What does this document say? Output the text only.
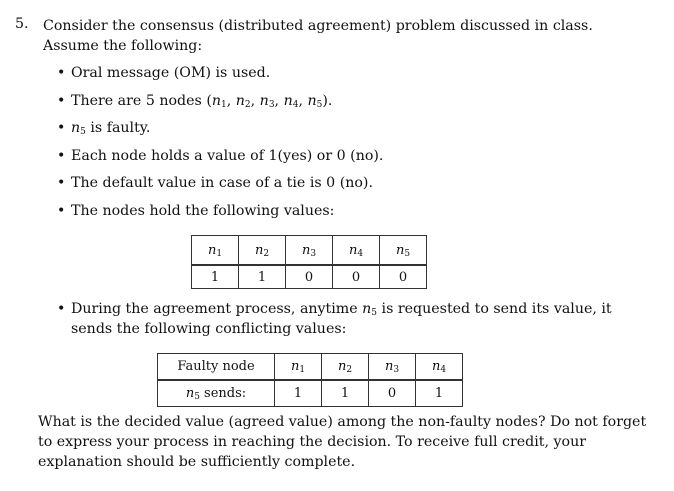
5. Consider the consensus (distributed agreement) problem discussed in class. Assume the following:
• Oral message (OM) is used.
• There are 5 nodes ($n_1$, $n_2$, $n_3$, $n_4$, $n_5$).
• $n_5$ is faulty.
• Each node holds a value of 1(yes) or 0 (no).
• The default value in case of a tie is 0 (no).
• The nodes hold the following values:
$n_1$	$n_2$	$n_3$	$n_4$	$n_5$
1	1	0	0	0
• During the agreement process, anytime $n_5$ is requested to send its value, it sends the following conflicting values:
Faulty node	$n_1$	$n_2$	$n_3$	$n_4$
$n_5$ sends:	1	1	0	1
What is the decided value (agreed value) among the non-faulty nodes? Do not forget to express your process in reaching the decision. To receive full credit, your explanation should be sufficiently complete.
